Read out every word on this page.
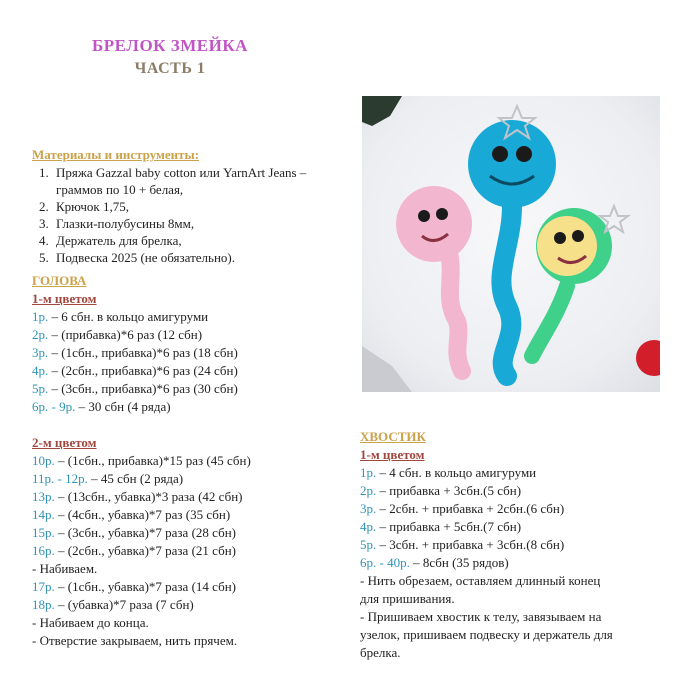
БРЕЛОК ЗМЕЙКА
ЧАСТЬ 1
Материалы и инструменты:
1. Пряжа Gazzal baby cotton или YarnArt Jeans – граммов по 10 + белая,
2. Крючок 1,75,
3. Глазки-полубусины 8мм,
4. Держатель для брелка,
5. Подвеска 2025 (не обязательно).
ГОЛОВА
1-м цветом
1р. – 6 сбн. в кольцо амигуруми
2р. – (прибавка)*6 раз (12 сбн)
3р. – (1сбн., прибавка)*6 раз (18 сбн)
4р. – (2сбн., прибавка)*6 раз (24 сбн)
5р. – (3сбн., прибавка)*6 раз (30 сбн)
6р. - 9р. – 30 сбн (4 ряда)
2-м цветом
10р. – (1сбн., прибавка)*15 раз (45 сбн)
11р. - 12р. – 45 сбн (2 ряда)
13р. – (13сбн., убавка)*3 раза (42 сбн)
14р. – (4сбн., убавка)*7 раз (35 сбн)
15р. – (3сбн., убавка)*7 раза (28 сбн)
16р. – (2сбн., убавка)*7 раза (21 сбн)
- Набиваем.
17р. – (1сбн., убавка)*7 раза (14 сбн)
18р. – (убавка)*7 раза (7 сбн)
- Набиваем до конца.
- Отверстие закрываем, нить прячем.
ХВОСТИК
1-м цветом
1р. – 4 сбн. в кольцо амигуруми
2р. – прибавка + 3сбн.(5 сбн)
3р. – 2сбн. + прибавка + 2сбн.(6 сбн)
4р. – прибавка + 5сбн.(7 сбн)
5р. – 3сбн. + прибавка + 3сбн.(8 сбн)
6р. - 40р. – 8сбн (35 рядов)
- Нить обрезаем, оставляем длинный конец
для пришивания.
- Пришиваем хвостик к телу, завязываем на
узелок, пришиваем подвеску и держатель для
брелка.
